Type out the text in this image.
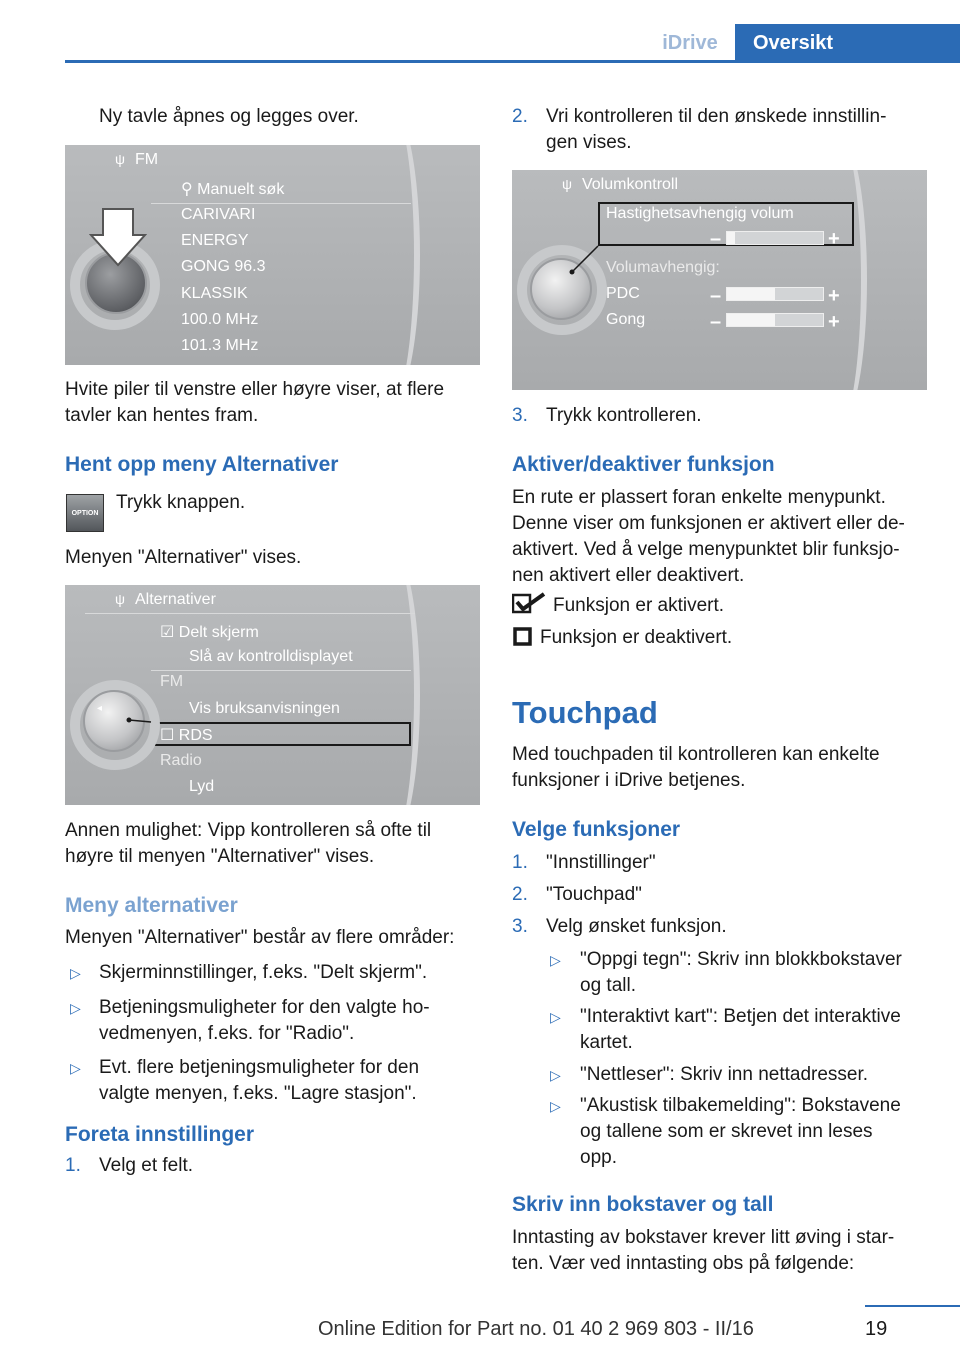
iDrive	Oversikt
Ny tavle åpnes og legges over.
ψ FM
⚲ Manuelt søk
CARIVARI
ENERGY
GONG 96.3
KLASSIK
100.0 MHz
101.3 MHz
Hvite piler til venstre eller høyre viser, at flere
tavler kan hentes fram.
Hent opp meny Alternativer
OPTION
Trykk knappen.
Menyen "Alternativer" vises.
ψ Alternativer
☑ Delt skjerm
Slå av kontrolldisplayet
FM
Vis bruksanvisningen
☐ RDS
Radio
Lyd
◂
Annen mulighet: Vipp kontrolleren så ofte til
høyre til menyen "Alternativer" vises.
Meny alternativer
Menyen "Alternativer" består av flere områder:
▷ Skjerminnstillinger, f.eks. "Delt skjerm".
▷ Betjeningsmuligheter for den valgte ho-
vedmenyen, f.eks. for "Radio".
▷ Evt. flere betjeningsmuligheter for den
valgte menyen, f.eks. "Lagre stasjon".
Foreta innstillinger
1. Velg et felt.
2. Vri kontrolleren til den ønskede innstillin-
gen vises.
ψ Volumkontroll
Hastighetsavhengig volum
–	+
Volumavhengig:
PDC	–	+
Gong	–	+
3. Trykk kontrolleren.
Aktiver/deaktiver funksjon
En rute er plassert foran enkelte menypunkt.
Denne viser om funksjonen er aktivert eller de-
aktivert. Ved å velge menypunktet blir funksjo-
nen aktivert eller deaktivert.
Funksjon er aktivert.
Funksjon er deaktivert.
Touchpad
Med touchpaden til kontrolleren kan enkelte
funksjoner i iDrive betjenes.
Velge funksjoner
1. "Innstillinger"
2. "Touchpad"
3. Velg ønsket funksjon.
▷ "Oppgi tegn": Skriv inn blokkbokstaver
og tall.
▷ "Interaktivt kart": Betjen det interaktive
kartet.
▷ "Nettleser": Skriv inn nettadresser.
▷ "Akustisk tilbakemelding": Bokstavene
og tallene som er skrevet inn leses
opp.
Skriv inn bokstaver og tall
Inntasting av bokstaver krever litt øving i star-
ten. Vær ved inntasting obs på følgende:
19
Online Edition for Part no. 01 40 2 969 803 - II/16
